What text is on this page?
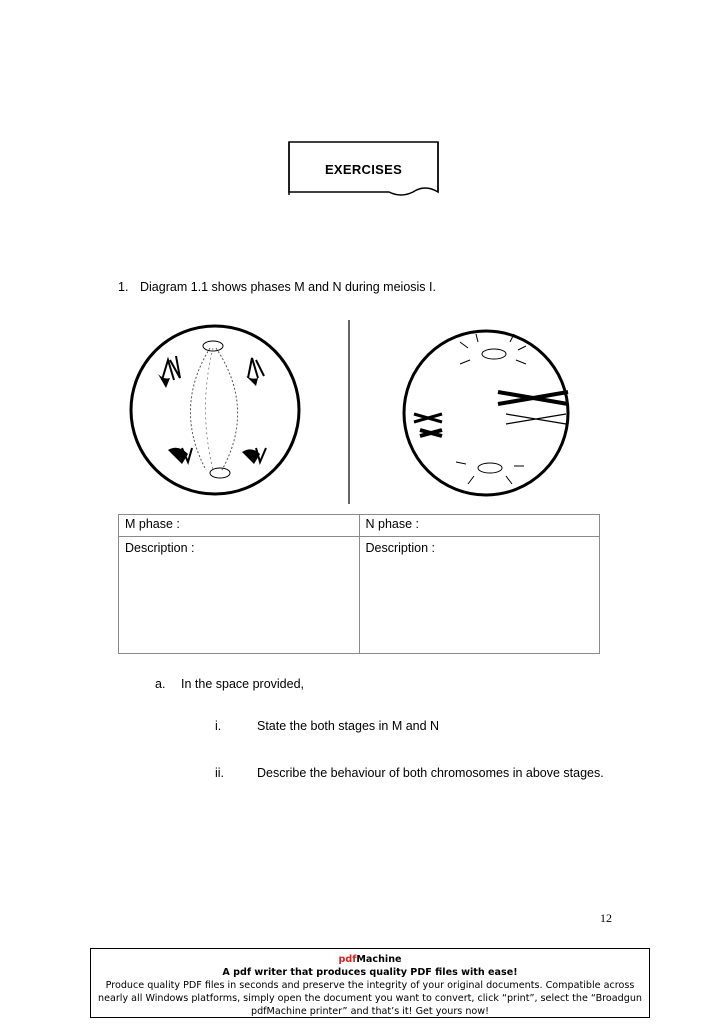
EXERCISES
1. Diagram 1.1 shows phases M and N during meiosis I.
M phase :	N phase :
Description :	Description :
a. In the space provided,
i.	State the both stages in M and N
ii.	Describe the behaviour of both chromosomes in above stages.
12
pdfMachine
A pdf writer that produces quality PDF files with ease!
Produce quality PDF files in seconds and preserve the integrity of your original documents. Compatible across nearly all Windows platforms, simply open the document you want to convert, click “print”, select the “Broadgun pdfMachine printer” and that’s it! Get yours now!
